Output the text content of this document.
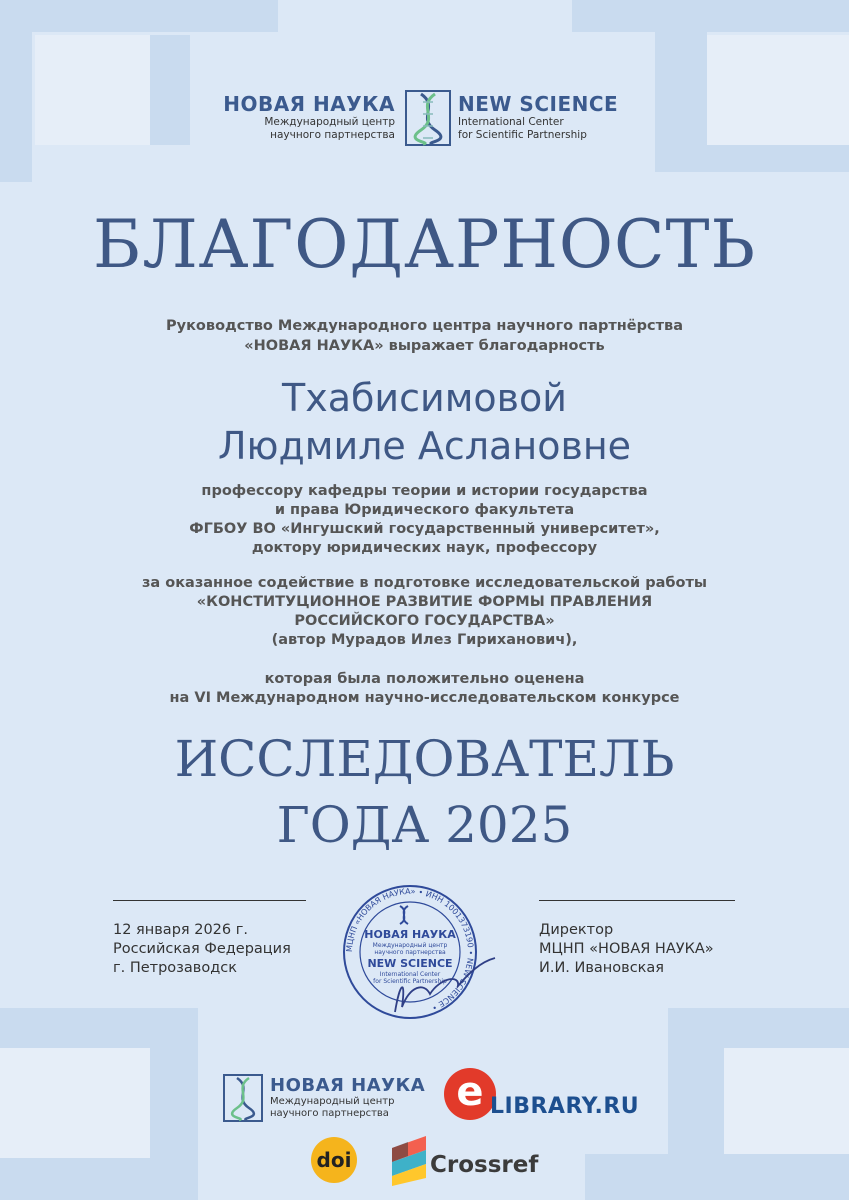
НОВАЯ НАУКА
Международный центр
научного партнерства
NEW SCIENCE
International Center
for Scientific Partnership
БЛАГОДАРНОСТЬ
Руководство Международного центра научного партнёрства
«НОВАЯ НАУКА» выражает благодарность
Тхабисимовой
Людмиле Аслановне
профессору кафедры теории и истории государства
и права Юридического факультета
ФГБОУ ВО «Ингушский государственный университет»,
доктору юридических наук, профессору
за оказанное содействие в подготовке исследовательской работы
«КОНСТИТУЦИОННОЕ РАЗВИТИЕ ФОРМЫ ПРАВЛЕНИЯ
РОССИЙСКОГО ГОСУДАРСТВА»
(автор Мурадов Илез Гириханович),
которая была положительно оценена
на VI Международном научно-исследовательском конкурсе
ИССЛЕДОВАТЕЛЬ
ГОДА 2025
12 января 2026 г.
Российская Федерация
г. Петрозаводск
Директор
МЦНП «НОВАЯ НАУКА»
И.И. Ивановская
МЦНП «НОВАЯ НАУКА» • ИНН 1001373190 • NEW SCIENCE •
НОВАЯ НАУКА
Международный центр
научного партнерства
NEW SCIENCE
International Center
for Scientific Partnership
НОВАЯ НАУКА
Международный центр
научного партнерства	e LIBRARY.RU
doi	Crossref
